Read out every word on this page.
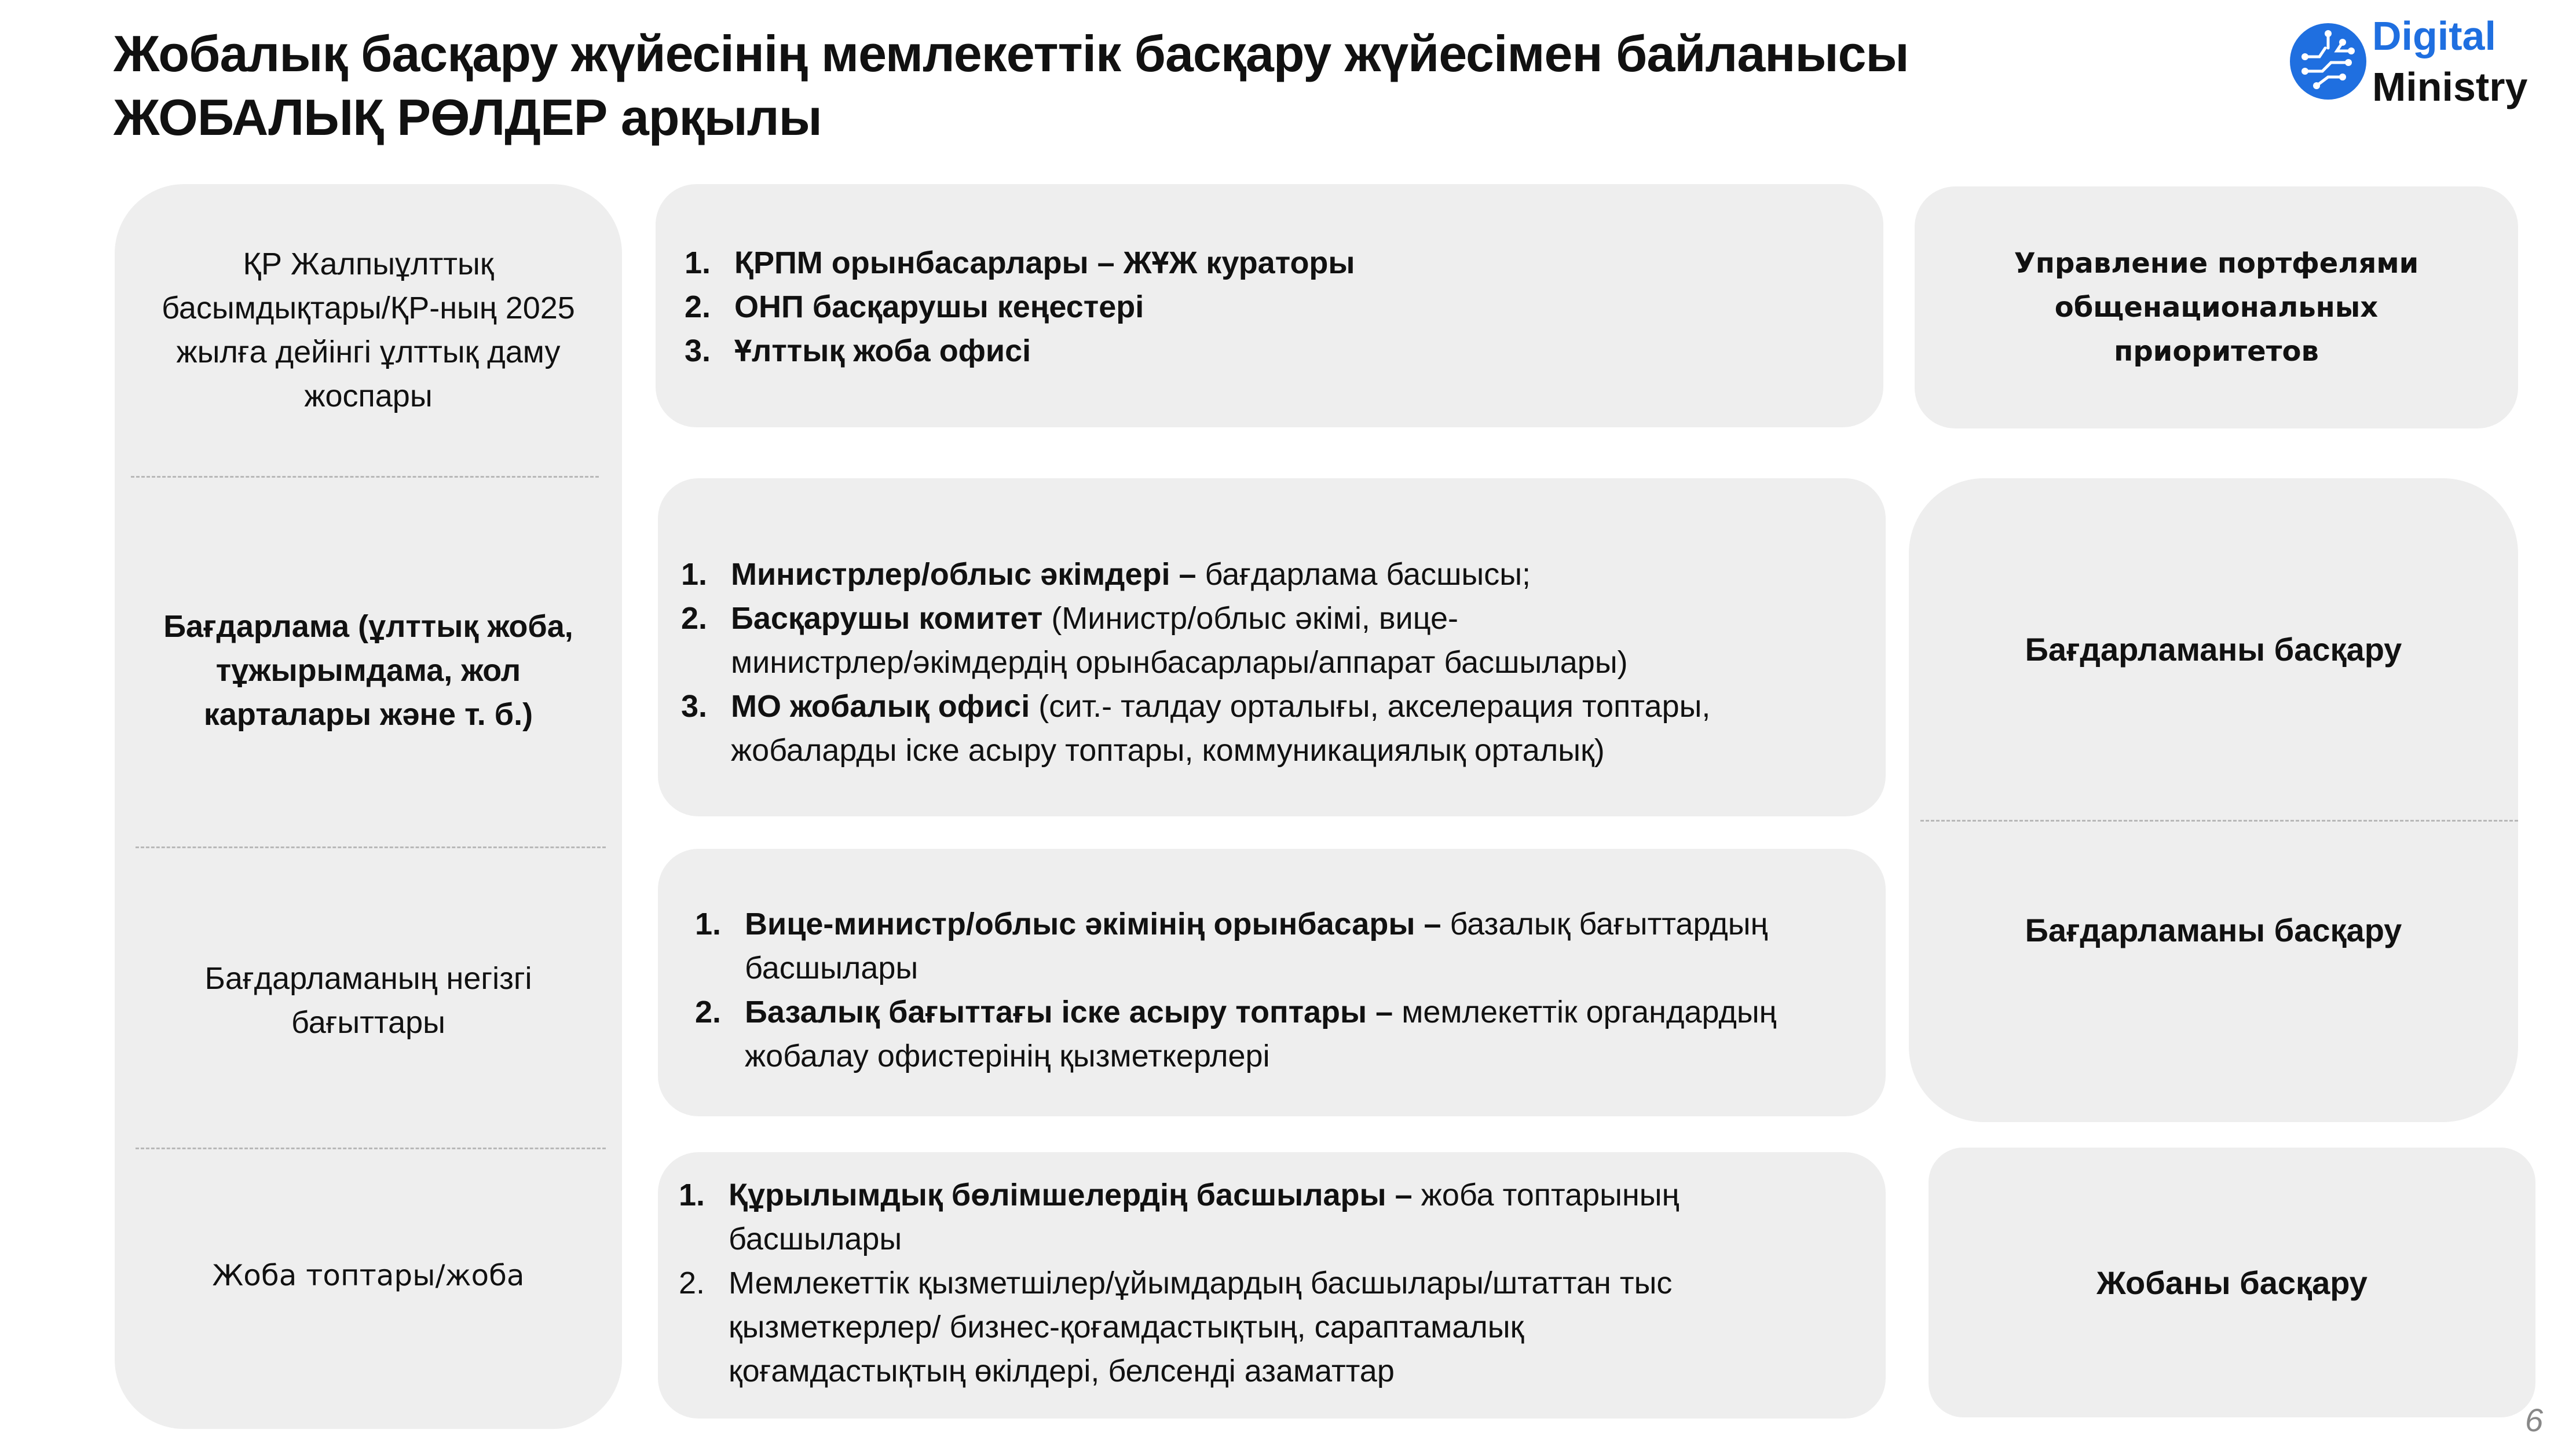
Жобалық басқару жүйесінің мемлекеттік басқару жүйесімен байланысы
ЖОБАЛЫҚ РӨЛДЕР арқылы
Digital
Ministry
ҚР Жалпыұлттық басымдықтары/ҚР-ның 2025 жылға дейінгі ұлттық даму жоспары
Бағдарлама (ұлттық жоба, тұжырымдама, жол карталары және т. б.)
Бағдарламаның негізгі бағыттары
Жоба топтары/жоба
1. ҚРПМ орынбасарлары – ЖҰЖ кураторы
2. ОНП басқарушы кеңестері
3. Ұлттық жоба офисі
1. Министрлер/облыс әкімдері – бағдарлама басшысы;
2. Басқарушы комитет (Министр/облыс әкімі, вице-
министрлер/әкімдердің орынбасарлары/аппарат басшылары)
3. МО жобалық офисі (сит.- талдау орталығы, акселерация топтары,
жобаларды іске асыру топтары, коммуникациялық орталық)
1. Вице-министр/облыс әкімінің орынбасары – базалық бағыттардың
басшылары
2. Базалық бағыттағы іске асыру топтары – мемлекеттік органдардың
жобалау офистерінің қызметкерлері
1. Құрылымдық бөлімшелердің басшылары – жоба топтарының
басшылары
2. Мемлекеттік қызметшілер/ұйымдардың басшылары/штаттан тыс
қызметкерлер/ бизнес-қоғамдастықтың, сараптамалық
қоғамдастықтың өкілдері, белсенді азаматтар
Управление портфелями общенациональных приоритетов
Бағдарламаны басқару
Бағдарламаны басқару
Жобаны басқару
6
